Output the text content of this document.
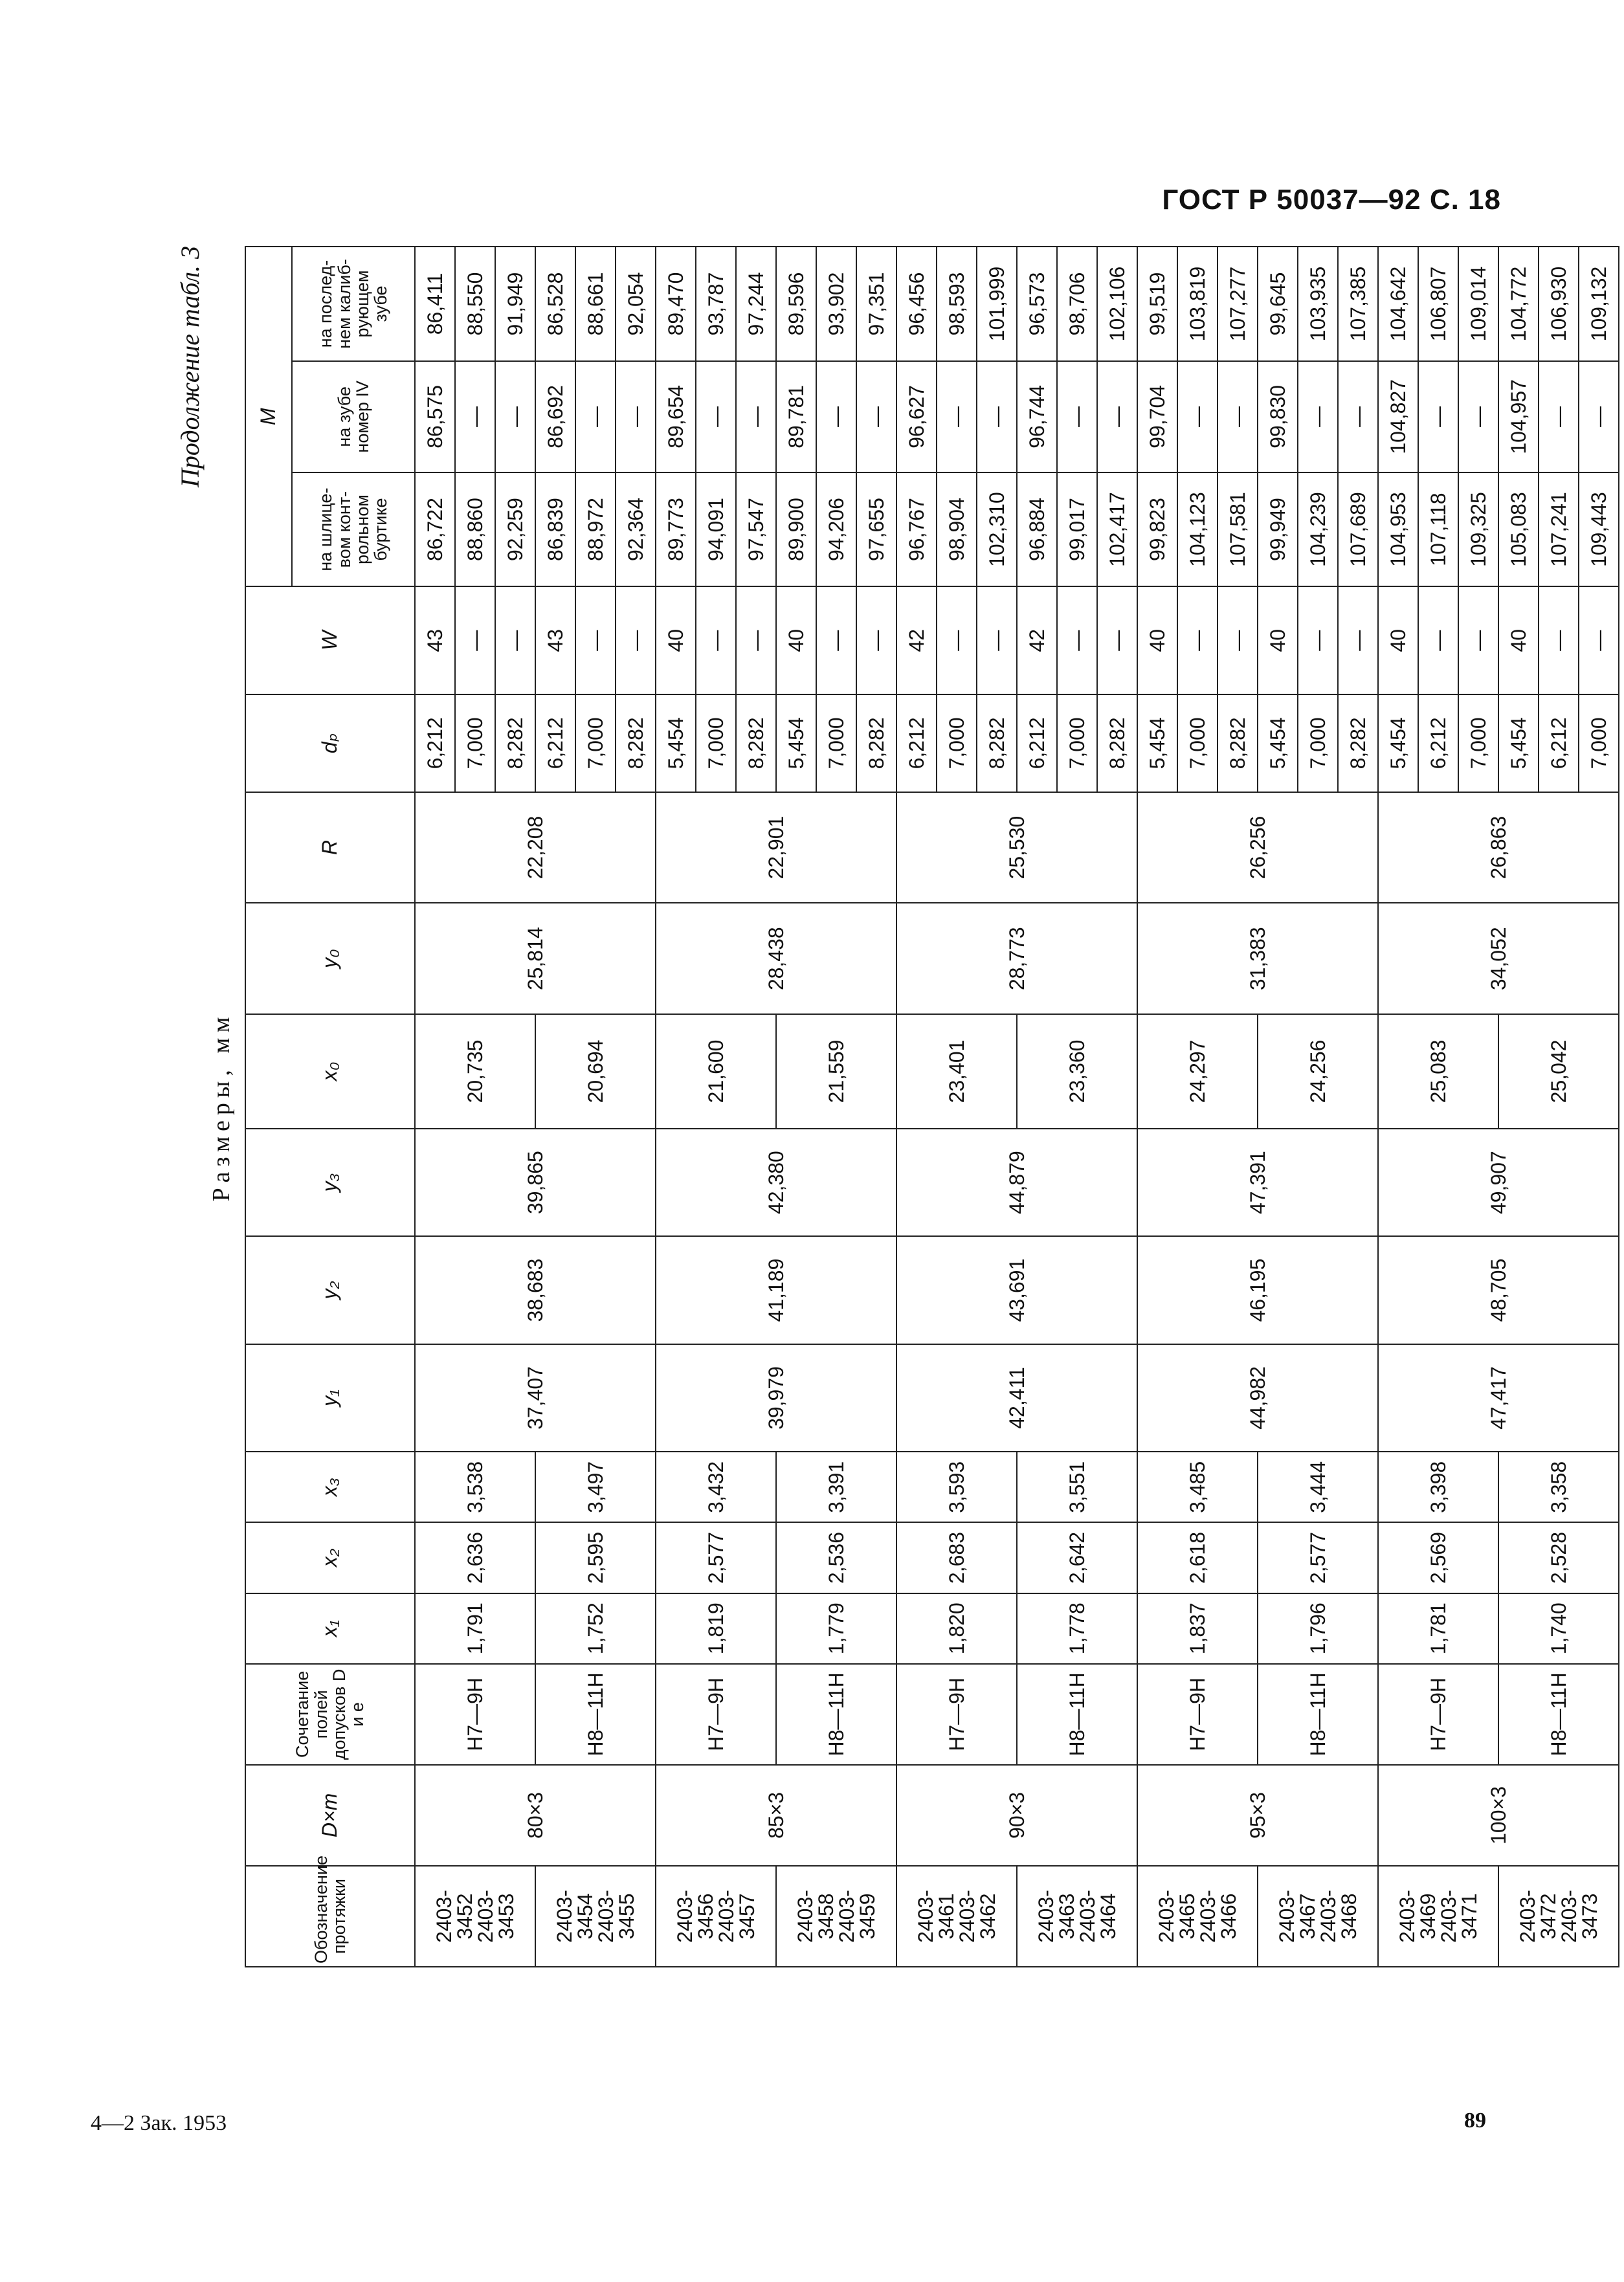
ГОСТ Р 50037—92 С. 18
Продолжение табл. 3
Размеры, мм
Обозначение протяжки	D×m	Сочетание полей допусков D и e	x₁	x₂	x₃	y₁	y₂	y₃	x₀	y₀	R	dₚ	W	M		
														на шлице-вом конт-рольном буртике	на зубе номер IV	на послед-нем калиб-рующем зубе
2403-3452 2403-3453	80×3	H7—9H	1,791	2,636	3,538	37,407	38,683	39,865	20,735	25,814	22,208	6,212	43	86,722	86,575	86,411
												7,000	—	88,860	—	88,550
												8,282	—	92,259	—	91,949
2403-3454 2403-3455		H8—11H	1,752	2,595	3,497				20,694			6,212	43	86,839	86,692	86,528
												7,000	—	88,972	—	88,661
												8,282	—	92,364	—	92,054
2403-3456 2403-3457	85×3	H7—9H	1,819	2,577	3,432	39,979	41,189	42,380	21,600	28,438	22,901	5,454	40	89,773	89,654	89,470
												7,000	—	94,091	—	93,787
												8,282	—	97,547	—	97,244
2403-3458 2403-3459		H8—11H	1,779	2,536	3,391				21,559			5,454	40	89,900	89,781	89,596
												7,000	—	94,206	—	93,902
												8,282	—	97,655	—	97,351
2403-3461 2403-3462	90×3	H7—9H	1,820	2,683	3,593	42,411	43,691	44,879	23,401	28,773	25,530	6,212	42	96,767	96,627	96,456
												7,000	—	98,904	—	98,593
												8,282	—	102,310	—	101,999
2403-3463 2403-3464		H8—11H	1,778	2,642	3,551				23,360			6,212	42	96,884	96,744	96,573
												7,000	—	99,017	—	98,706
												8,282	—	102,417	—	102,106
2403-3465 2403-3466	95×3	H7—9H	1,837	2,618	3,485	44,982	46,195	47,391	24,297	31,383	26,256	5,454	40	99,823	99,704	99,519
												7,000	—	104,123	—	103,819
												8,282	—	107,581	—	107,277
2403-3467 2403-3468		H8—11H	1,796	2,577	3,444				24,256			5,454	40	99,949	99,830	99,645
												7,000	—	104,239	—	103,935
												8,282	—	107,689	—	107,385
2403-3469 2403-3471	100×3	H7—9H	1,781	2,569	3,398	47,417	48,705	49,907	25,083	34,052	26,863	5,454	40	104,953	104,827	104,642
												6,212	—	107,118	—	106,807
												7,000	—	109,325	—	109,014
2403-3472 2403-3473		H8—11H	1,740	2,528	3,358				25,042			5,454	40	105,083	104,957	104,772
												6,212	—	107,241	—	106,930
												7,000	—	109,443	—	109,132
4—2 Зак. 1953	89
